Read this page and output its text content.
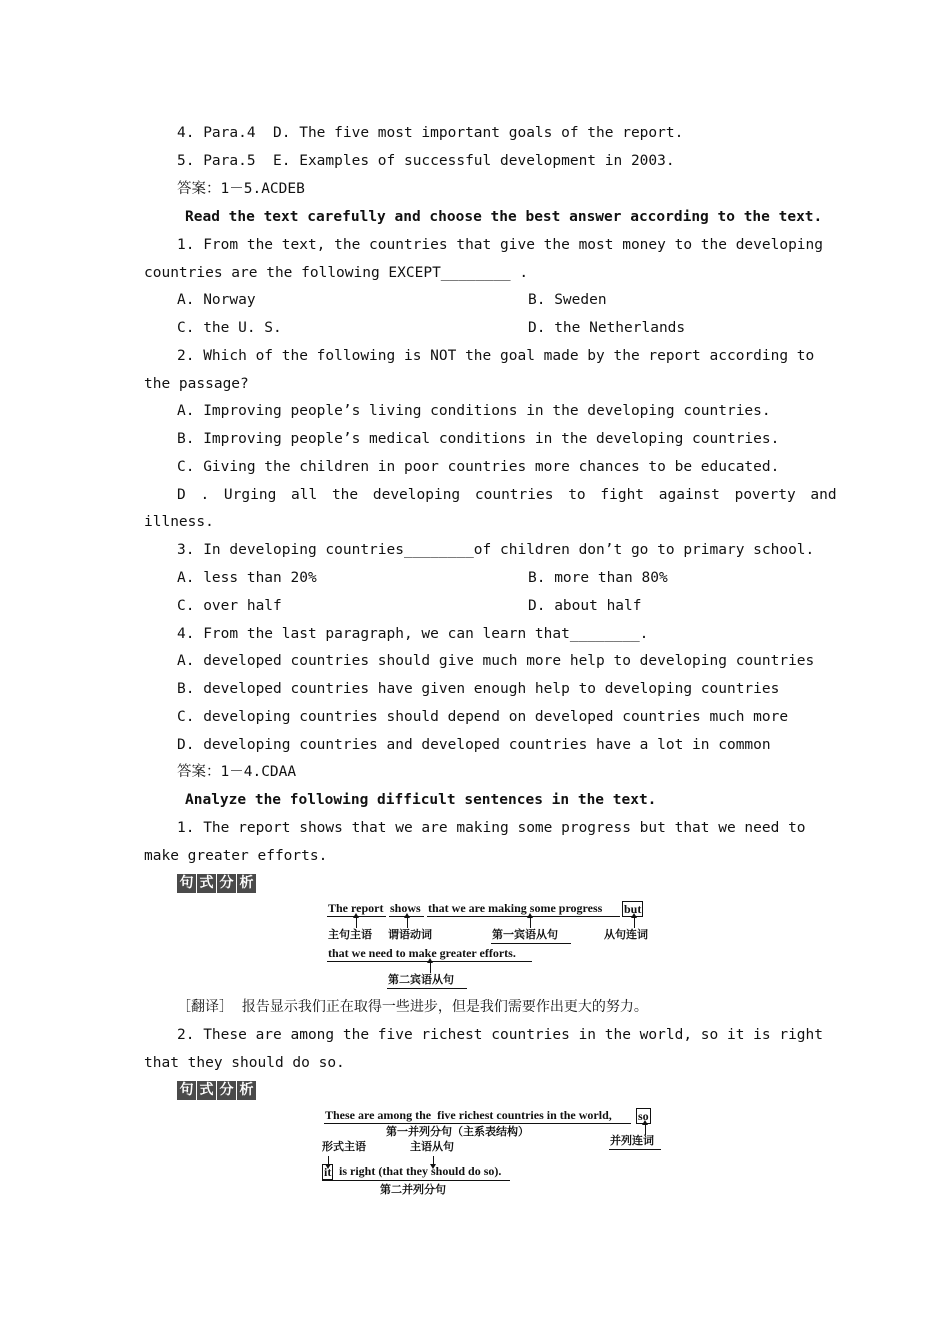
4. Para.4  D. The five most important goals of the report.
5. Para.5  E. Examples of successful development in 2003.
答案：1－5.ACDEB
Read the text carefully and choose the best answer according to the text.
1. From the text, the countries that give the most money to the developing
countries are the following EXCEPT________ .
A. Norway	B. Sweden
C. the U. S.	D. the Netherlands
2. Which of the following is NOT the goal made by the report according to
the passage?
A. Improving people’s living conditions in the developing countries.
B. Improving people’s medical conditions in the developing countries.
C. Giving the children in poor countries more chances to be educated.
D . Urging all the developing countries to fight against poverty and
illness.
3. In developing countries________of children don’t go to primary school.
A. less than 20%	B. more than 80%
C. over half	D. about half
4. From the last paragraph, we can learn that________.
A. developed countries should give much more help to developing countries
B. developed countries have given enough help to developing countries
C. developing countries should depend on developed countries much more
D. developing countries and developed countries have a lot in common
答案：1－4.CDAA
Analyze the following difficult sentences in the text.
1. The report shows that we are making some progress but that we need to
make greater efforts.
句 式 分 析
The report shows that we are making some progress but
主句主语 谓语动词	第一宾语从句	从句连词
that we need to make greater efforts.
第二宾语从句
［翻译］  报告显示我们正在取得一些进步，但是我们需要作出更大的努力。
2. These are among the five richest countries in the world, so it is right
that they should do so.
句 式 分 析
These are among the  five richest countries in the world, so
第一并列分句（主系表结构）
并列连词
形式主语	主语从句
it is right (that they should do so).
第二并列分句
